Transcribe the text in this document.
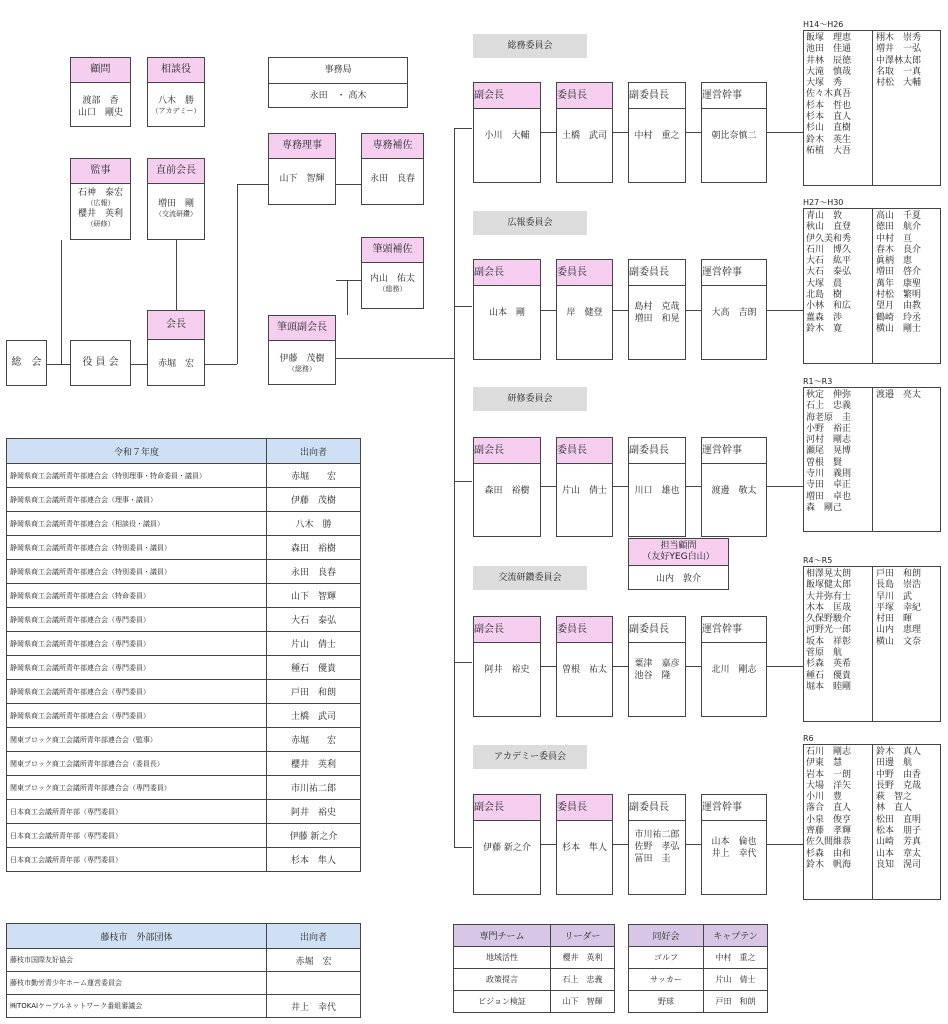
顧問
渡部　香
山口　剛史
相談役
八木　勝
（アカデミー）
事務局
永田　・ 高木
監事
石神　泰宏
（広報）
櫻井　英利
（研修）
直前会長
増田　剛
（交流研鑽）
専務理事
山下　智輝
専務補佐
永田　良春
筆頭補佐
内山　佑太
（総務）
総　会	役 員 会
会長
赤堀　宏
筆頭副会長
伊藤　茂樹
（総務）
総務委員会
副会長
小川　大輔
委員長
土橋　武司
副委員長
中村　重之
運営幹事
朝比奈慎二
広報委員会
副会長
山本　剛
委員長
岸　健登
副委員長
島村　克哉
増田　和晃
運営幹事
大高　吉朗
研修委員会
副会長
森田　裕樹
委員長
片山　倩士
副委員長
川口　雄也
運営幹事
渡邊　敬太
担当顧問
（友好YEG白山）
山内　敦介
交流研鑽委員会
副会長
阿井　裕史
委員長
曽根　祐太
副委員長
粟津　嘉彦
池谷　隆
運営幹事
北川　剛志
アカデミー委員会
副会長
伊藤 新之介
委員長
杉本　隼人
副委員長
市川祐二郎
佐野　孝弘
冨田　圭
運営幹事
山本　倫也
井上　幸代
H14～H26
飯塚　理恵
池田　佳通
井林　辰徳
大滝　慎哉
大塚　秀
佐々木真吾
杉本　哲也
杉本　直人
杉山　直樹
鈴木　英生
柘植　大吾
栩木　崇秀
増井　一弘
中澤林太郎
名取　一真
村松　大輔
H27～H30
青山　敦
秋山　直登
伊久美和秀
石川　博久
大石　紘平
大石　泰弘
大塚　晨
北島　樹
小林　和広
薑森　渉
鈴木　寛
高山　千夏
徳田　航介
中村　亘
春木　良介
眞柄　恵
増田　啓介
萬年　康聖
村松　繁明
望月　由教
鶴崎　玲丞
横山　剛士
R1～R3
秋定　伸弥
石上　忠義
海老原　圭
小野　裕正
河村　剛志
瀬尾　晃博
曽根　賢
寺川　義則
寺田　卓正
増田　卓也
森　剛己
渡邉　亮太
R4～R5
相澤晃太朗
飯塚健太郎
大井弥有士
木本　匡哉
久保野駿介
河野光一郎
坂本　祥彰
菅原　航
杉森　英希
種石　優貴
堀本　睦剛
戸田　和朗
長島　崇浩
早川　武
平塚　幸紀
村田　暉
山内　恵理
横山　文奈
R6
石川　剛志
伊東　慧
岩本　一朗
大場　洋矢
小川　豊
落合　直人
小泉　俊亨
齊藤　孝輝
佐久間維恭
杉森　由和
鈴木　帆海
鈴木　真人
田邊　航
中野　由香
長野　克哉
萩　智之
林　直人
松田　直明
松本　朋子
山崎　芳真
山本　章太
良知　滉司
専門チーム	リーダー
地域活性	櫻井　英利
政策提言	石上　忠義
ビジョン検証	山下　智輝
同好会	キャプテン
ゴルフ	中村　重之
サッカー	片山　倩士
野球	戸田　和朗
令和７年度	出向者
静岡県商工会議所青年部連合会（特別理事・特命委員・議員）	赤堀　　宏
静岡県商工会議所青年部連合会（理事・議員）	伊藤　茂樹
静岡県商工会議所青年部連合会（相談役・議員）	八木　勝
静岡県商工会議所青年部連合会（特別委員・議員）	森田　裕樹
静岡県商工会議所青年部連合会（特別委員・議員）	永田　良春
静岡県商工会議所青年部連合会（特命委員）	山下　智輝
静岡県商工会議所青年部連合会（専門委員）	大石　泰弘
静岡県商工会議所青年部連合会（専門委員）	片山　倩士
静岡県商工会議所青年部連合会（専門委員）	種石　優貴
静岡県商工会議所青年部連合会（専門委員）	戸田　和朗
静岡県商工会議所青年部連合会（専門委員）	土橋　武司
関東ブロック商工会議所青年部連合会（監事）	赤堀　　宏
関東ブロック商工会議所青年部連合会（委員長）	櫻井　英利
関東ブロック商工会議所青年部連合会（専門委員）	市川祐二郎
日本商工会議所青年部（専門委員）	阿井　裕史
日本商工会議所青年部（専門委員）	伊藤 新之介
日本商工会議所青年部（専門委員）	杉本　隼人
藤枝市　外部団体	出向者
藤枝市国際友好協会	赤堀　宏
藤枝市勤労青少年ホーム運営委員会	
㈱TOKAIケーブルネットワーク番組審議会	井上　幸代
